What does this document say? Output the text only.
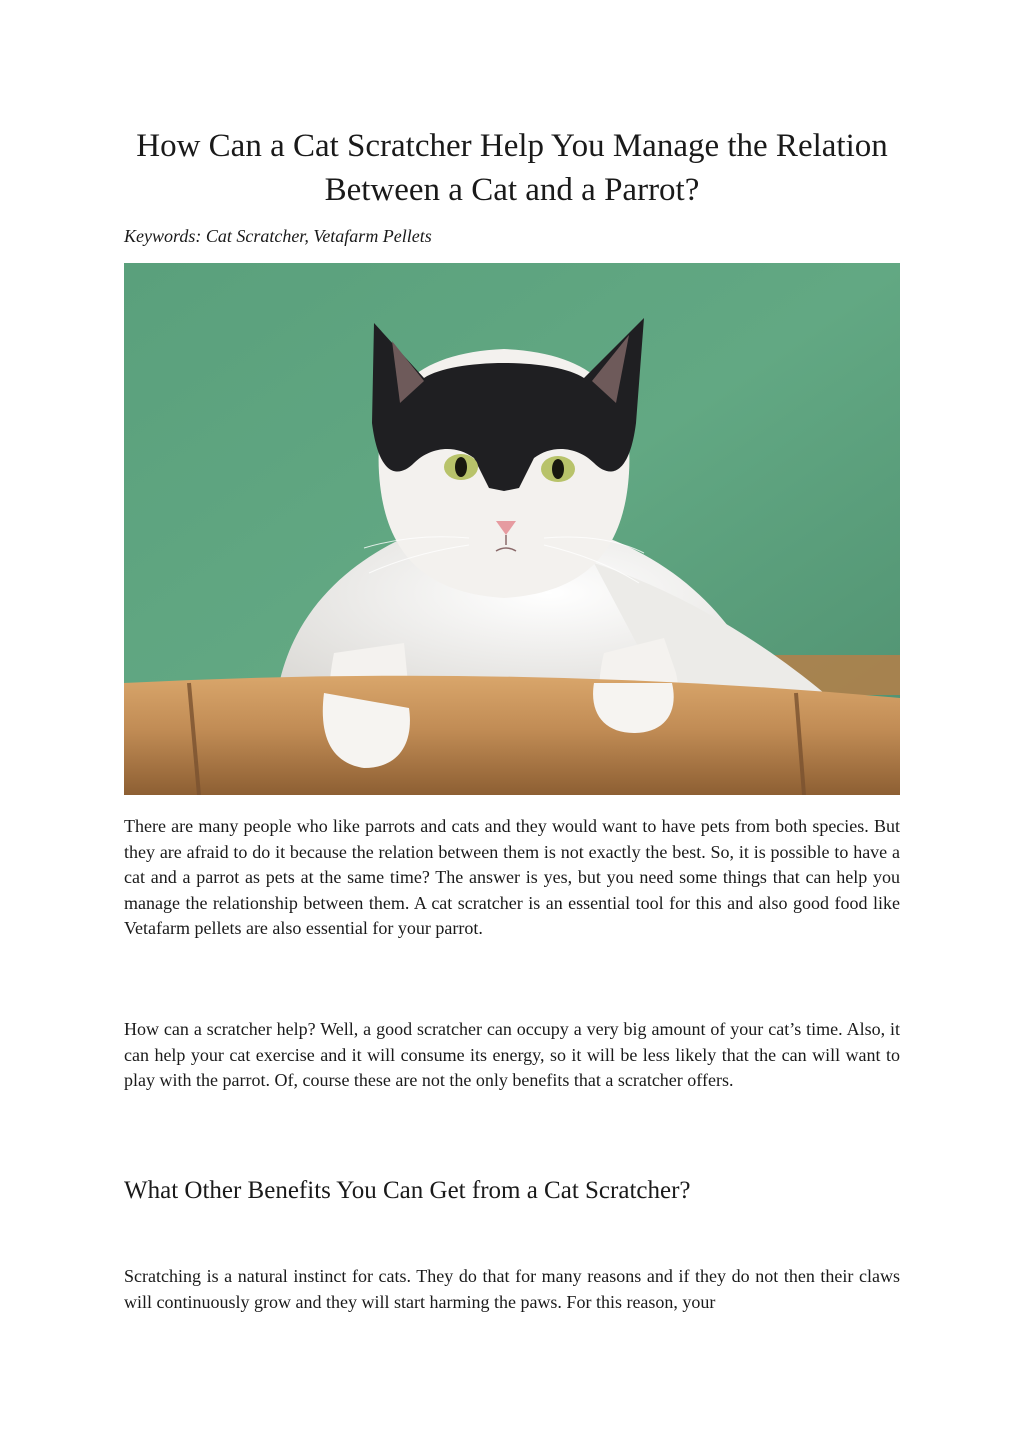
How Can a Cat Scratcher Help You Manage the Relation Between a Cat and a Parrot?
Keywords: Cat Scratcher, Vetafarm Pellets

There are many people who like parrots and cats and they would want to have pets from both species. But they are afraid to do it because the relation between them is not exactly the best. So, it is possible to have a cat and a parrot as pets at the same time? The answer is yes, but you need some things that can help you manage the relationship between them. A cat scratcher is an essential tool for this and also good food like Vetafarm pellets are also essential for your parrot.

How can a scratcher help? Well, a good scratcher can occupy a very big amount of your cat’s time. Also, it can help your cat exercise and it will consume its energy, so it will be less likely that the can will want to play with the parrot. Of, course these are not the only benefits that a scratcher offers.

What Other Benefits You Can Get from a Cat Scratcher?

Scratching is a natural instinct for cats. They do that for many reasons and if they do not then their claws will continuously grow and they will start harming the paws. For this reason, your
